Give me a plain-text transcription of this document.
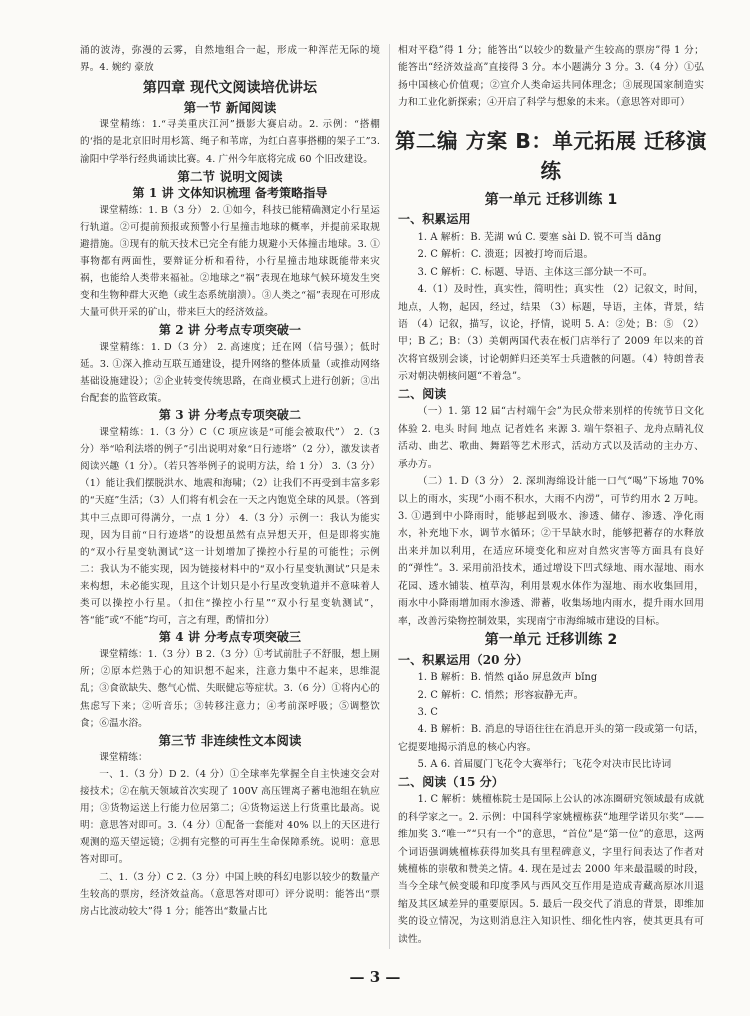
涌的波涛，弥漫的云雾，自然地组合一起，形成一种浑茫无际的境界。4. 婉约 豪放

第四章 现代文阅读培优讲坛
第一节 新闻阅读

课堂精练：1.“寻美重庆江河”摄影大赛启动。2. 示例：“搭棚的‘指的是北京旧时用杉篙、绳子和苇席，为红白喜事搭棚的架子工”3. 渝阳中学举行经典诵读比赛。4. 广州今年底将完成 60 个旧改建设。

第二节 说明文阅读
第 1 讲 文体知识梳理 备考策略指导

课堂精练：1. B（3 分） 2. ①如今，科技已能精确测定小行星运行轨道。②可提前预报或预警小行星撞击地球的概率，并提前采取规避措施。③现有的航天技术已完全有能力规避小天体撞击地球。3. ①事物都有两面性，要辩证分析和看待，小行星撞击地球既能带来灾祸，也能给人类带来福祉。②地球之“祸”表现在地球气候环境发生突变和生物种群大灭绝（或生态系统崩溃）。③人类之“福”表现在可形成大量可供开采的矿山，带来巨大的经济效益。

第 2 讲 分考点专项突破一

课堂精练：1. D（3 分） 2. 高速度；迁在网（信号强）；低时延。3. ①深入推动互联互通建设，提升网络的整体质量（或推动网络基础设施建设）；②企业转变传统思路，在商业模式上进行创新；③出台配套的监管政策。

第 3 讲 分考点专项突破二

课堂精练：1.（3 分）C（C 项应该是“可能会被取代”） 2.（3 分）举“哈利法塔的例子”引出说明对象“日行迹塔”（2 分），激发读者阅读兴趣（1 分）。（若只答举例子的说明方法，给 1 分） 3.（3 分）（1）能让我们摆脱洪水、地震和海啸；（2）让我们不再受到丰富多彩的“天庭”生活；（3）人们将有机会在一天之内饱览全球的风景。（答到其中三点即可得满分，一点 1 分） 4.（3 分）示例一：我认为能实现，因为目前“日行迹塔”的设想虽然有点异想天开，但是即将实施的“双小行星变轨测试”这一计划增加了操控小行星的可能性；示例二：我认为不能实现，因为链接材料中的“双小行星变轨测试”只是未来构想，未必能实现，且这个计划只是小行星改变轨道并不意味着人类可以操控小行星。（扣住“操控小行星”“双小行星变轨测试”，答“能”或“不能”均可，言之有理，酌情扣分）

第 4 讲 分考点专项突破三

课堂精练：1.（3 分）B 2.（3 分）①考试前肚子不舒服，想上厕所；②原本烂熟于心的知识想不起来，注意力集中不起来，思维混乱；③食欲缺失、憋气心慌、失眠健忘等症状。3.（6 分）①将内心的焦虑写下来；②听音乐；③转移注意力；④考前深呼吸；⑤调整饮食；⑥温水浴。

第三节 非连续性文本阅读

课堂精练：

一、1.（3 分）D 2.（4 分）①全球率先掌握全自主快速交会对接技术；②在航天领域首次实现了 100V 高压锂离子蓄电池组在轨应用；③货物运送上行能力位居第二；④货物运送上行货重比最高。说明：意思答对即可。3.（4 分）①配备一套能对 40% 以上的天区进行观测的巡天望远镜；②拥有完整的可再生生命保障系统。说明：意思答对即可。

二、1.（3 分）C 2.（3 分）中国上映的科幻电影以较少的数量产生较高的票房，经济效益高。（意思答对即可）评分说明：能答出“票房占比波动较大”得 1 分；能答出“数量占比

相对平稳”得 1 分；能答出“以较少的数量产生较高的票房”得 1 分；能答出“经济效益高”直接得 3 分。本小题满分 3 分。3.（4 分）①弘扬中国核心价值观；②宣介人类命运共同体理念；③展现国家制造实力和工业化新探索；④开启了科学与想象的未来。（意思答对即可）

第二编 方案 B：单元拓展 迁移演练
第一单元 迁移训练 1
一、积累运用

1. A 解析：B. 芜湖 wú C. 要塞 sài D. 锐不可当 dāng

2. C 解析：C. 溃逛；因被打垮而后退。

3. C 解析：C. 标题、导语、主体这三部分缺一不可。

4.（1）及时性，真实性，简明性；真实性 （2）记叙文，时间，地点，人物，起因，经过，结果 （3）标题，导语，主体，背景，结语 （4）记叙，描写，议论，抒情，说明 5. A：②处；B：⑤ （2）甲；B 乙；B：（3）美朝两国代表在板门店举行了 2009 年以来的首次将官级别会谈，讨论朝鲜归还美军士兵遗骸的问题。（4）特朗普表示对朝决朝核问题“不着急”。

二、阅读

（一）1. 第 12 届“古村端午会”为民众带来别样的传统节日文化体验 2. 电头 时间 地点 记者姓名 来源 3. 端午祭祖子、龙舟点睛礼仪活动、曲艺、歌曲、舞蹈等艺术形式，活动方式以及活动的主办方、承办方。

（二）1. D（3 分） 2. 深圳海绵设计能一口气“喝”下场地 70% 以上的雨水，实现“小雨不积水，大雨不内涝”，可节约用水 2 万吨。 3. ①遇到中小降雨时，能够起到吸水、渗透、储存、渗透、净化雨水，补充地下水，调节水循环；②干旱缺水时，能够把蓄存的水释放出来并加以利用，在适应环境变化和应对自然灾害等方面具有良好的“弹性”。3. 采用前沿技术，通过增设下凹式绿地、雨水湿地、雨水花园、透水铺装、植草沟，利用景观水体作为湿地、雨水收集回用，雨水中小降雨增加雨水渗透、滞蓄，收集场地内雨水，提升雨水回用率，改善污染物控制效果，实现南宁市海绵城市建设的目标。

第一单元 迁移训练 2
一、积累运用（20 分）

1. B 解析：B. 悄然 qiǎo 屏息敛声 bǐng

2. C 解析：C. 悄然；形容寂静无声。

3. C

4. B 解析：B. 消息的导语往往在消息开头的第一段或第一句话，它提要地揭示消息的核心内容。

5. A 6. 首届厦门飞花令大赛举行；飞花令对决市民比诗词

二、阅读（15 分）

1. C 解析：姚檀栋院士是国际上公认的冰冻圈研究领域最有成就的科学家之一。2. 示例：中国科学家姚檀栋获“地理学诺贝尔奖”——维加奖 3.“唯一”“只有一个”的意思，“首位”是“第一位”的意思，这两个词语强调姚檀栋获得加奖具有里程碑意义，字里行间表达了作者对姚檀栋的崇敬和赞美之情。4. 现在是过去 2000 年来最温暖的时段，当今全球气候变暖和印度季风与西风交互作用是造成青藏高原冰川退缩及其区域差异的重要原因。5. 最后一段交代了消息的背景，即维加奖的设立情况，为这则消息注入知识性、细化性内容，使其更具有可读性。

— 3 —
